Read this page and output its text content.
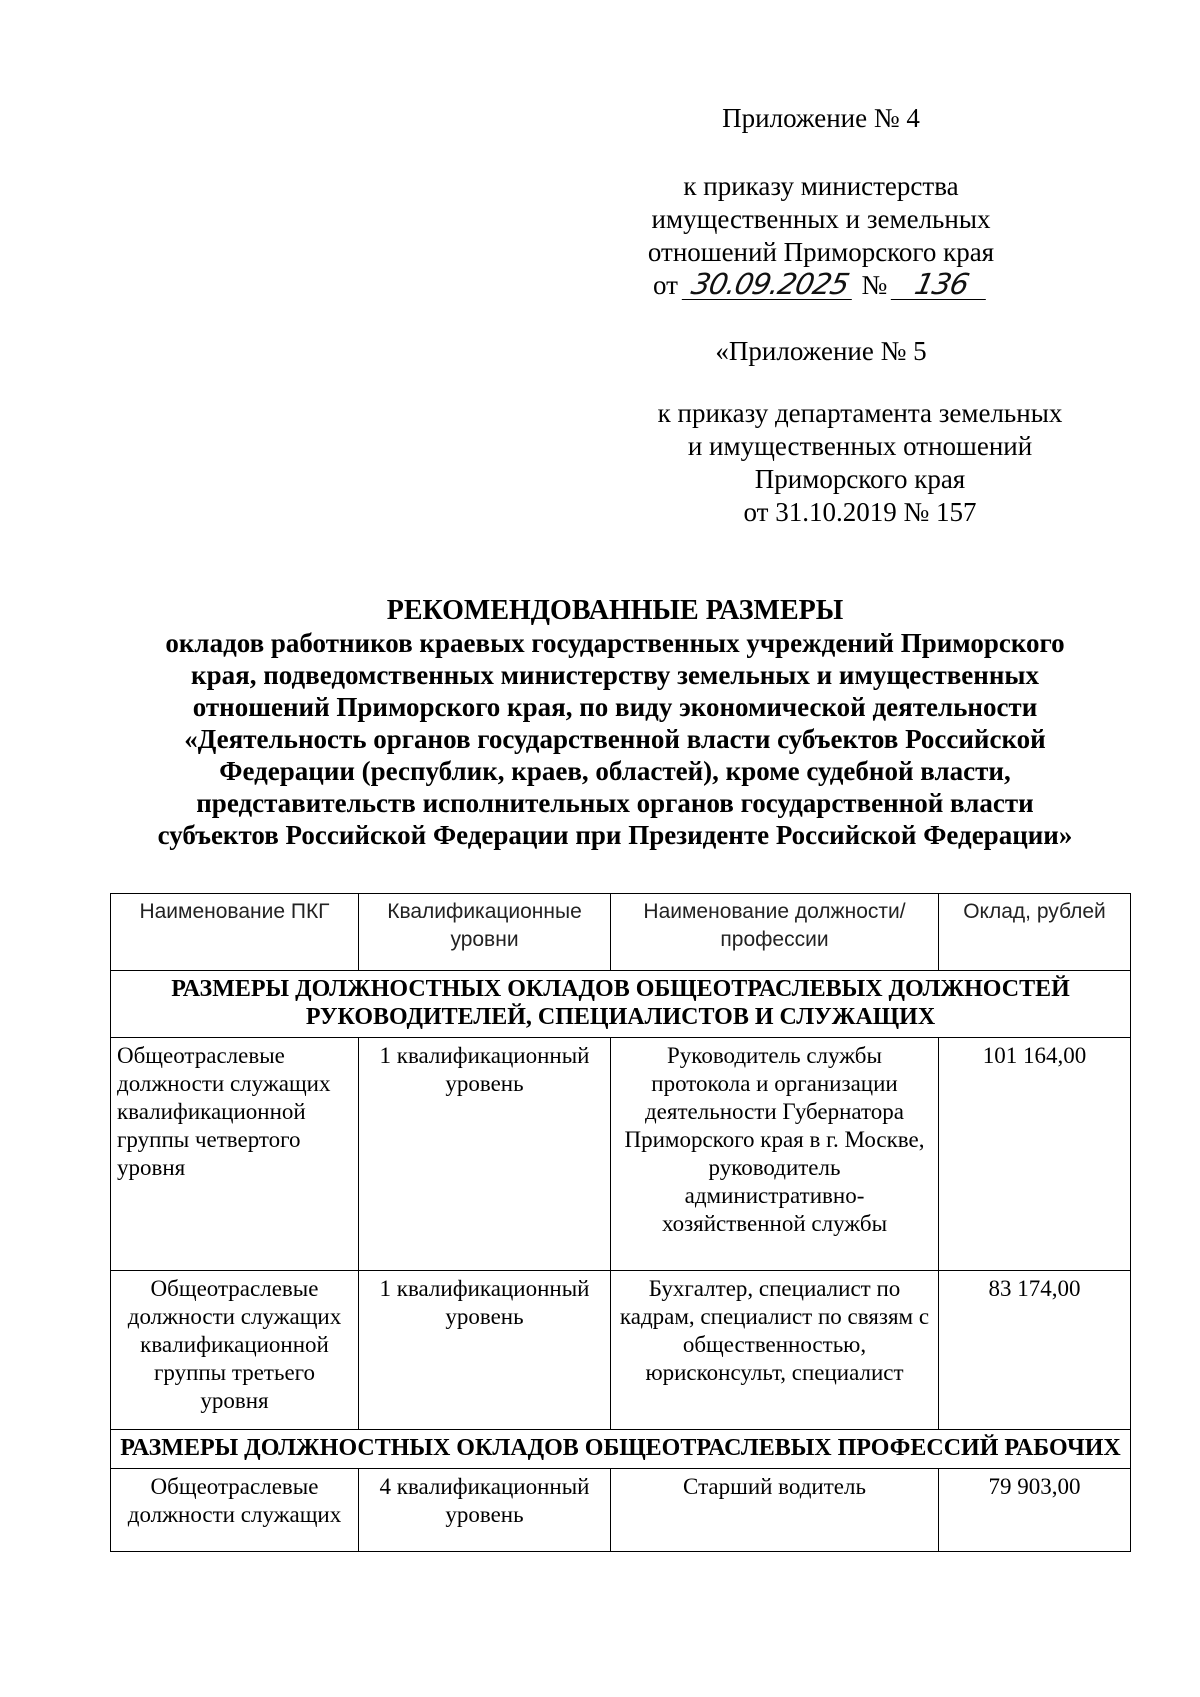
Приложение № 4
к приказу министерства
имущественных и земельных
отношений Приморского края
от 30.09.2025 № 136
«Приложение № 5
к приказу департамента земельных
и имущественных отношений
Приморского края
от 31.10.2019 № 157
РЕКОМЕНДОВАННЫЕ РАЗМЕРЫ
окладов работников краевых государственных учреждений Приморского
края, подведомственных министерству земельных и имущественных
отношений Приморского края, по виду экономической деятельности
«Деятельность органов государственной власти субъектов Российской
Федерации (республик, краев, областей), кроме судебной власти,
представительств исполнительных органов государственной власти
субъектов Российской Федерации при Президенте Российской Федерации»
Наименование ПКГ	Квалификационные уровни	Наименование должности/профессии	Оклад, рублей
РАЗМЕРЫ ДОЛЖНОСТНЫХ ОКЛАДОВ ОБЩЕОТРАСЛЕВЫХ ДОЛЖНОСТЕЙ РУКОВОДИТЕЛЕЙ, СПЕЦИАЛИСТОВ И СЛУЖАЩИХ			
Общеотраслевые должности служащих квалификационной группы четвертого уровня	1 квалификационный уровень	Руководитель службы протокола и организации деятельности Губернатора Приморского края в г. Москве, руководитель административно-хозяйственной службы	101 164,00
Общеотраслевые должности служащих квалификационной группы третьего уровня	1 квалификационный уровень	Бухгалтер, специалист по кадрам, специалист по связям с общественностью, юрисконсульт, специалист	83 174,00
РАЗМЕРЫ ДОЛЖНОСТНЫХ ОКЛАДОВ ОБЩЕОТРАСЛЕВЫХ ПРОФЕССИЙ РАБОЧИХ			
Общеотраслевые должности служащих	4 квалификационный уровень	Старший водитель	79 903,00
